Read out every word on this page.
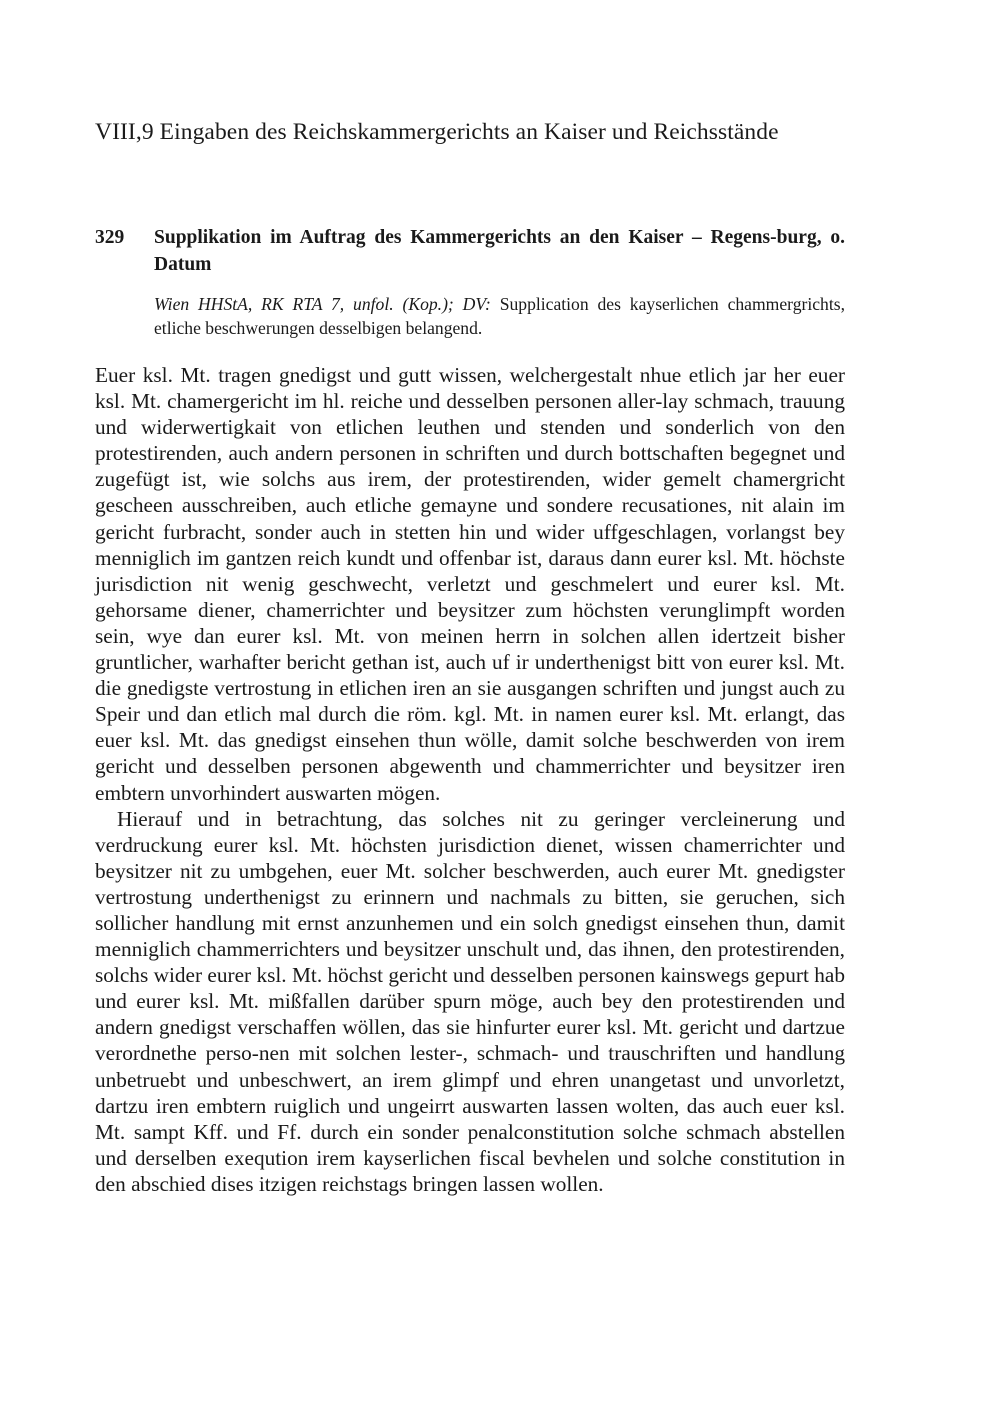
VIII,9 Eingaben des Reichskammergerichts an Kaiser und Reichsstände
329 Supplikation im Auftrag des Kammergerichts an den Kaiser – Regens-burg, o. Datum
Wien HHStA, RK RTA 7, unfol. (Kop.); DV: Supplication des kayserlichen chammergrichts, etliche beschwerungen desselbigen belangend.

Euer ksl. Mt. tragen gnedigst und gutt wissen, welchergestalt nhue etlich jar her euer ksl. Mt. chamergericht im hl. reiche und desselben personen aller-lay schmach, trauung und widerwertigkait von etlichen leuthen und stenden und sonderlich von den protestirenden, auch andern personen in schriften und durch bottschaften begegnet und zugefügt ist, wie solchs aus irem, der protestirenden, wider gemelt chamergricht gescheen ausschreiben, auch etliche gemayne und sondere recusationes, nit alain im gericht furbracht, sonder auch in stetten hin und wider uffgeschlagen, vorlangst bey menniglich im gantzen reich kundt und offenbar ist, daraus dann eurer ksl. Mt. höchste jurisdiction nit wenig geschwecht, verletzt und geschmelert und eurer ksl. Mt. gehorsame diener, chamerrichter und beysitzer zum höchsten verunglimpft worden sein, wye dan eurer ksl. Mt. von meinen herrn in solchen allen idertzeit bisher gruntlicher, warhafter bericht gethan ist, auch uf ir underthenigst bitt von eurer ksl. Mt. die gnedigste vertrostung in etlichen iren an sie ausgangen schriften und jungst auch zu Speir und dan etlich mal durch die röm. kgl. Mt. in namen eurer ksl. Mt. erlangt, das euer ksl. Mt. das gnedigst einsehen thun wölle, damit solche beschwerden von irem gericht und desselben personen abgewenth und chammerrichter und beysitzer iren embtern unvorhindert auswarten mögen.

Hierauf und in betrachtung, das solches nit zu geringer vercleinerung und verdruckung eurer ksl. Mt. höchsten jurisdiction dienet, wissen chamerrichter und beysitzer nit zu umbgehen, euer Mt. solcher beschwerden, auch eurer Mt. gnedigster vertrostung underthenigst zu erinnern und nachmals zu bitten, sie geruchen, sich sollicher handlung mit ernst anzunhemen und ein solch gnedigst einsehen thun, damit menniglich chammerrichters und beysitzer unschult und, das ihnen, den protestirenden, solchs wider eurer ksl. Mt. höchst gericht und desselben personen kainswegs gepurt hab und eurer ksl. Mt. mißfallen darüber spurn möge, auch bey den protestirenden und andern gnedigst verschaffen wöllen, das sie hinfurter eurer ksl. Mt. gericht und dartzue verordnethe perso-nen mit solchen lester-, schmach- und trauschriften und handlung unbetruebt und unbeschwert, an irem glimpf und ehren unangetast und unvorletzt, dartzu iren embtern ruiglich und ungeirrt auswarten lassen wolten, das auch euer ksl. Mt. sampt Kff. und Ff. durch ein sonder penalconstitution solche schmach abstellen und derselben exeqution irem kayserlichen fiscal bevhelen und solche constitution in den abschied dises itzigen reichstags bringen lassen wollen.
